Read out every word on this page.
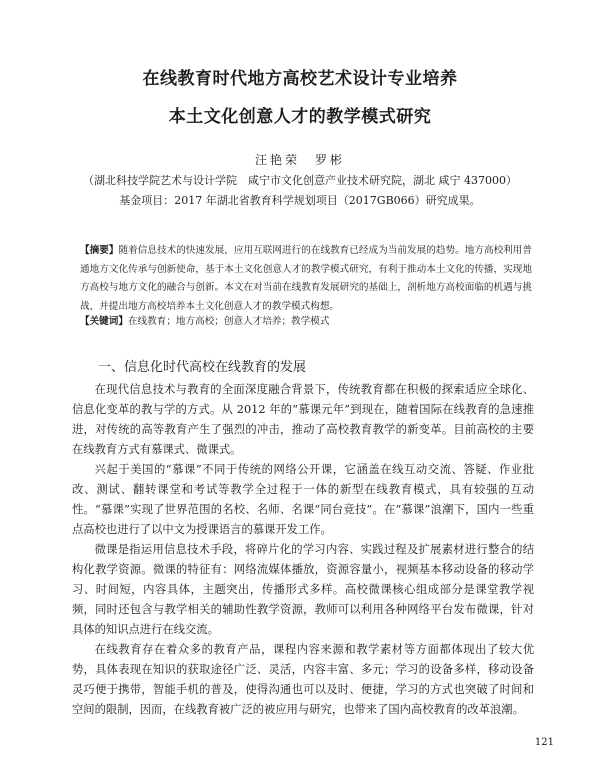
在线教育时代地方高校艺术设计专业培养
本土文化创意人才的教学模式研究
汪艳荣　罗彬
（湖北科技学院艺术与设计学院　咸宁市文化创意产业技术研究院，湖北 咸宁 437000）
基金项目：2017 年湖北省教育科学规划项目（2017GB066）研究成果。
【摘要】随着信息技术的快速发展，应用互联网进行的在线教育已经成为当前发展的趋势。地方高校利用普通地方文化传承与创新使命，基于本土文化创意人才的教学模式研究，有利于推动本土文化的传播，实现地方高校与地方文化的融合与创新。本文在对当前在线教育发展研究的基础上，剖析地方高校面临的机遇与挑战，并提出地方高校培养本土文化创意人才的教学模式构想。
【关键词】在线教育；地方高校；创意人才培养；教学模式
一、信息化时代高校在线教育的发展

在现代信息技术与教育的全面深度融合背景下，传统教育都在积极的探索适应全球化、信息化变革的教与学的方式。从 2012 年的“慕课元年”到现在，随着国际在线教育的急速推进，对传统的高等教育产生了强烈的冲击，推动了高校教育教学的新变革。目前高校的主要在线教育方式有慕课式、微课式。

兴起于美国的“慕课”不同于传统的网络公开课，它涵盖在线互动交流、答疑、作业批改、测试、翻转课堂和考试等教学全过程于一体的新型在线教育模式，具有较强的互动性。“慕课”实现了世界范围的名校、名师、名课“同台竞技”。在“慕课”浪潮下，国内一些重点高校也进行了以中文为授课语言的慕课开发工作。

微课是指运用信息技术手段，将碎片化的学习内容、实践过程及扩展素材进行整合的结构化教学资源。微课的特征有：网络流媒体播放，资源容量小，视频基本移动设备的移动学习、时间短，内容具体，主题突出，传播形式多样。高校微课核心组成部分是课堂教学视频，同时还包含与教学相关的辅助性教学资源，教师可以利用各种网络平台发布微课，针对具体的知识点进行在线交流。

在线教育存在着众多的教育产品，课程内容来源和教学素材等方面都体现出了较大优势，具体表现在知识的获取途径广泛、灵活，内容丰富、多元；学习的设备多样，移动设备灵巧便于携带，智能手机的普及，使得沟通也可以及时、便捷，学习的方式也突破了时间和空间的限制，因而，在线教育被广泛的被应用与研究，也带来了国内高校教育的改革浪潮。

121
